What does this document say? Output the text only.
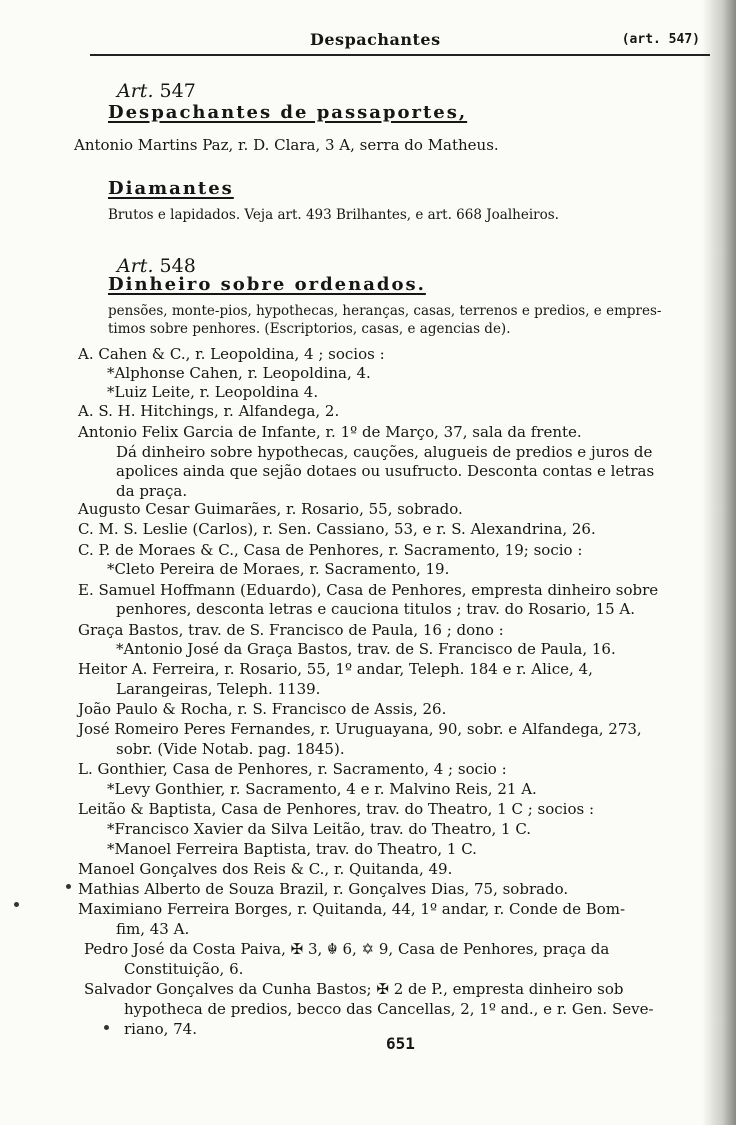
Despachantes	(art. 547)
Art. 547
Despachantes de passaportes,
Antonio Martins Paz, r. D. Clara, 3 A, serra do Matheus.
Diamantes
Brutos e lapidados. Veja art. 493 Brilhantes, e art. 668 Joalheiros.
Art. 548
Dinheiro sobre ordenados.
pensões, monte-pios, hypothecas, heranças, casas, terrenos e predios, e empres-
timos sobre penhores. (Escriptorios, casas, e agencias de).
A. Cahen & C., r. Leopoldina, 4 ; socios :
*Alphonse Cahen, r. Leopoldina, 4.
*Luiz Leite, r. Leopoldina 4.
A. S. H. Hitchings, r. Alfandega, 2.
Antonio Felix Garcia de Infante, r. 1º de Março, 37, sala da frente.
Dá dinheiro sobre hypothecas, cauções, alugueis de predios e juros de
apolices ainda que sejão dotaes ou usufructo. Desconta contas e letras
da praça.
Augusto Cesar Guimarães, r. Rosario, 55, sobrado.
C. M. S. Leslie (Carlos), r. Sen. Cassiano, 53, e r. S. Alexandrina, 26.
C. P. de Moraes & C., Casa de Penhores, r. Sacramento, 19; socio :
*Cleto Pereira de Moraes, r. Sacramento, 19.
E. Samuel Hoffmann (Eduardo), Casa de Penhores, empresta dinheiro sobre
penhores, desconta letras e cauciona titulos ; trav. do Rosario, 15 A.
Graça Bastos, trav. de S. Francisco de Paula, 16 ; dono :
*Antonio José da Graça Bastos, trav. de S. Francisco de Paula, 16.
Heitor A. Ferreira, r. Rosario, 55, 1º andar, Teleph. 184 e r. Alice, 4,
Larangeiras, Teleph. 1139.
João Paulo & Rocha, r. S. Francisco de Assis, 26.
José Romeiro Peres Fernandes, r. Uruguayana, 90, sobr. e Alfandega, 273,
sobr. (Vide Notab. pag. 1845).
L. Gonthier, Casa de Penhores, r. Sacramento, 4 ; socio :
*Levy Gonthier, r. Sacramento, 4 e r. Malvino Reis, 21 A.
Leitão & Baptista, Casa de Penhores, trav. do Theatro, 1 C ; socios :
*Francisco Xavier da Silva Leitão, trav. do Theatro, 1 C.
*Manoel Ferreira Baptista, trav. do Theatro, 1 C.
Manoel Gonçalves dos Reis & C., r. Quitanda, 49.
Mathias Alberto de Souza Brazil, r. Gonçalves Dias, 75, sobrado.
Maximiano Ferreira Borges, r. Quitanda, 44, 1º andar, r. Conde de Bom-
fim, 43 A.
Pedro José da Costa Paiva, ✠ 3, ☬ 6, ✡ 9, Casa de Penhores, praça da
Constituição, 6.
Salvador Gonçalves da Cunha Bastos; ✠ 2 de P., empresta dinheiro sob
hypotheca de predios, becco das Cancellas, 2, 1º and., e r. Gen. Seve-
riano, 74.
651
